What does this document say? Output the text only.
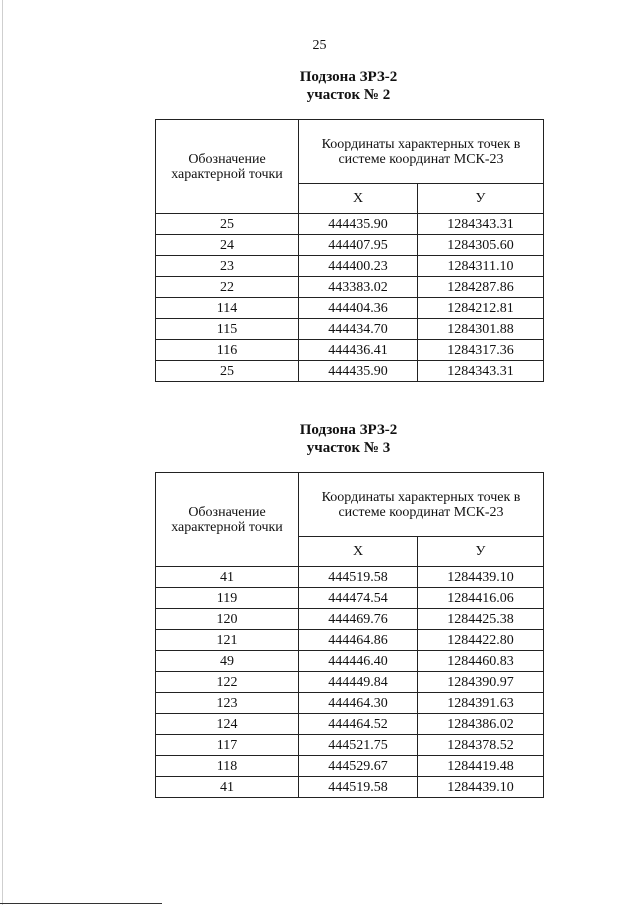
25
Подзона ЗРЗ-2
участок № 2
Обозначение характерной точки	Координаты характерных точек в системе координат МСК-23	
	Х	У
25	444435.90	1284343.31
24	444407.95	1284305.60
23	444400.23	1284311.10
22	443383.02	1284287.86
114	444404.36	1284212.81
115	444434.70	1284301.88
116	444436.41	1284317.36
25	444435.90	1284343.31
Подзона ЗРЗ-2
участок № 3
Обозначение характерной точки	Координаты характерных точек в системе координат МСК-23	
	Х	У
41	444519.58	1284439.10
119	444474.54	1284416.06
120	444469.76	1284425.38
121	444464.86	1284422.80
49	444446.40	1284460.83
122	444449.84	1284390.97
123	444464.30	1284391.63
124	444464.52	1284386.02
117	444521.75	1284378.52
118	444529.67	1284419.48
41	444519.58	1284439.10
